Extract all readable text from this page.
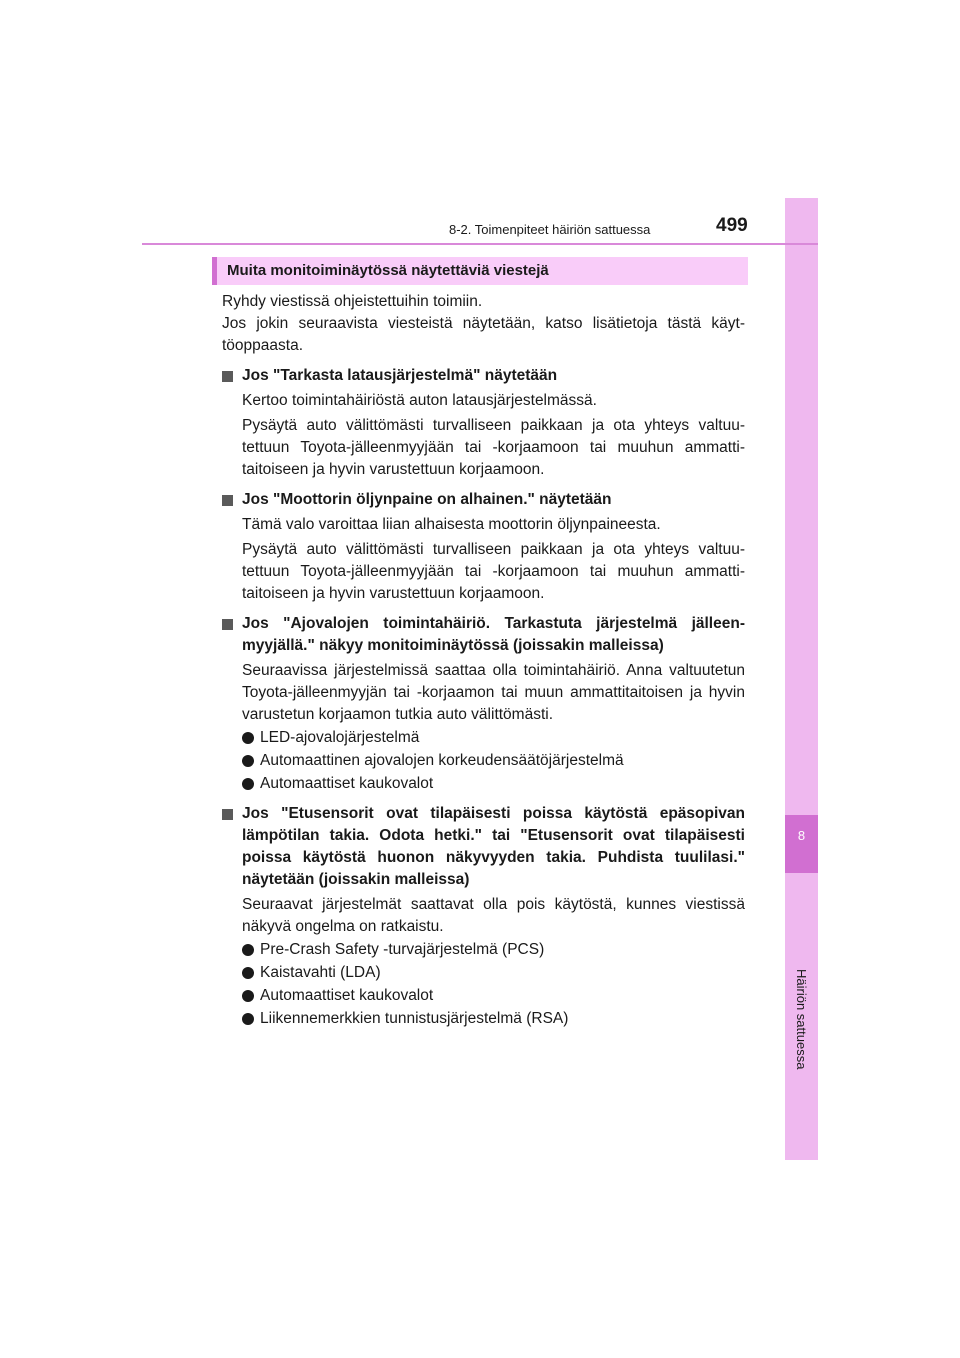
8
Häiriön sattuessa
8-2. Toimenpiteet häiriön sattuessa	499
Muita monitoiminäytössä näytettäviä viestejä

Ryhdy viestissä ohjeistettuihin toimiin.

Jos jokin seuraavista viesteistä näytetään, katso lisätietoja tästä käyttöoppaasta.

Jos "Tarkasta latausjärjestelmä" näytetään

Kertoo toimintahäiriöstä auton latausjärjestelmässä.

Pysäytä auto välittömästi turvalliseen paikkaan ja ota yhteys valtuutettuun Toyota-jälleenmyyjään tai -korjaamoon tai muuhun ammattitaitoiseen ja hyvin varustettuun korjaamoon.

Jos "Moottorin öljynpaine on alhainen." näytetään

Tämä valo varoittaa liian alhaisesta moottorin öljynpaineesta.

Pysäytä auto välittömästi turvalliseen paikkaan ja ota yhteys valtuutettuun Toyota-jälleenmyyjään tai -korjaamoon tai muuhun ammattitaitoiseen ja hyvin varustettuun korjaamoon.

Jos "Ajovalojen toimintahäiriö. Tarkastuta järjestelmä jälleenmyyjällä." näkyy monitoiminäytössä (joissakin malleissa)

Seuraavissa järjestelmissä saattaa olla toimintahäiriö. Anna valtuutetun Toyota-jälleenmyyjän tai -korjaamon tai muun ammattitaitoisen ja hyvin varustetun korjaamon tutkia auto välittömästi.

LED-ajovalojärjestelmä

Automaattinen ajovalojen korkeudensäätöjärjestelmä

Automaattiset kaukovalot

Jos "Etusensorit ovat tilapäisesti poissa käytöstä epäsopivan lämpötilan takia. Odota hetki." tai "Etusensorit ovat tilapäisesti poissa käytöstä huonon näkyvyyden takia. Puhdista tuulilasi." näytetään (joissakin malleissa)

Seuraavat järjestelmät saattavat olla pois käytöstä, kunnes viestissä näkyvä ongelma on ratkaistu.

Pre-Crash Safety -turvajärjestelmä (PCS)

Kaistavahti (LDA)

Automaattiset kaukovalot

Liikennemerkkien tunnistusjärjestelmä (RSA)
